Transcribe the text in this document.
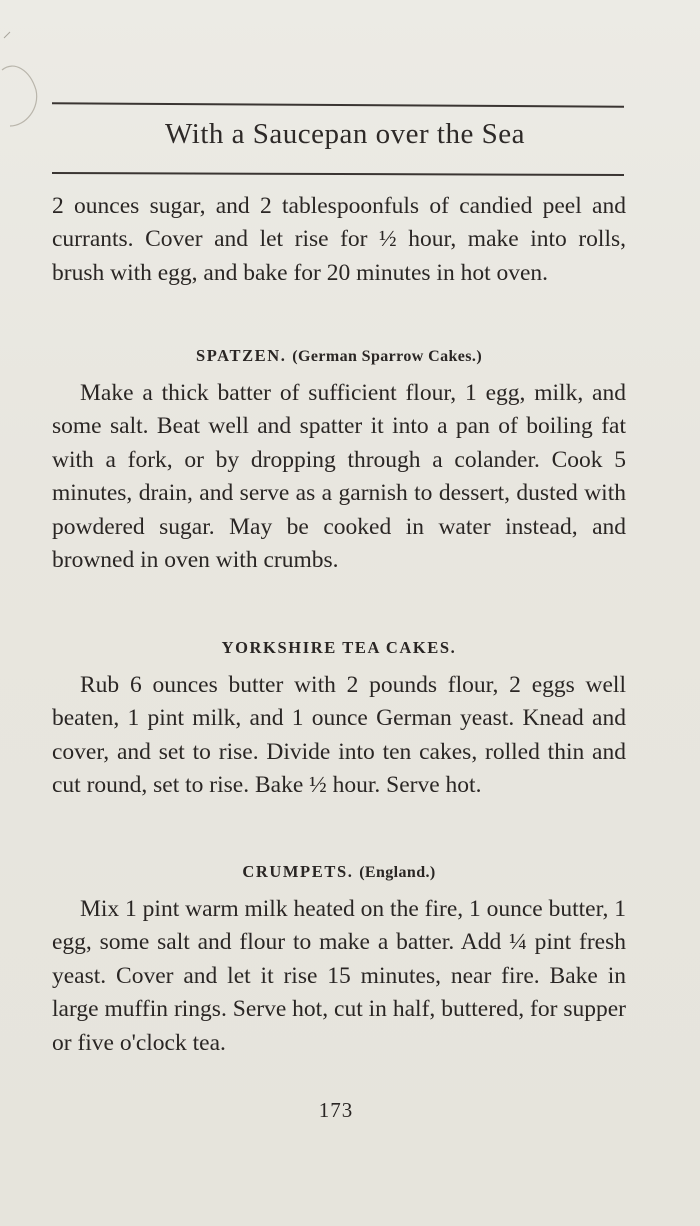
With a Saucepan over the Sea

2 ounces sugar, and 2 tablespoonfuls of candied peel and currants. Cover and let rise for ½ hour, make into rolls, brush with egg, and bake for 20 minutes in hot oven.

SPATZEN. (German Sparrow Cakes.)

Make a thick batter of sufficient flour, 1 egg, milk, and some salt. Beat well and spatter it into a pan of boiling fat with a fork, or by dropping through a colander. Cook 5 minutes, drain, and serve as a garnish to dessert, dusted with powdered sugar. May be cooked in water instead, and browned in oven with crumbs.

YORKSHIRE TEA CAKES.

Rub 6 ounces butter with 2 pounds flour, 2 eggs well beaten, 1 pint milk, and 1 ounce German yeast. Knead and cover, and set to rise. Divide into ten cakes, rolled thin and cut round, set to rise. Bake ½ hour. Serve hot.

CRUMPETS. (England.)

Mix 1 pint warm milk heated on the fire, 1 ounce butter, 1 egg, some salt and flour to make a batter. Add ¼ pint fresh yeast. Cover and let it rise 15 minutes, near fire. Bake in large muffin rings. Serve hot, cut in half, buttered, for supper or five o'clock tea.

173
